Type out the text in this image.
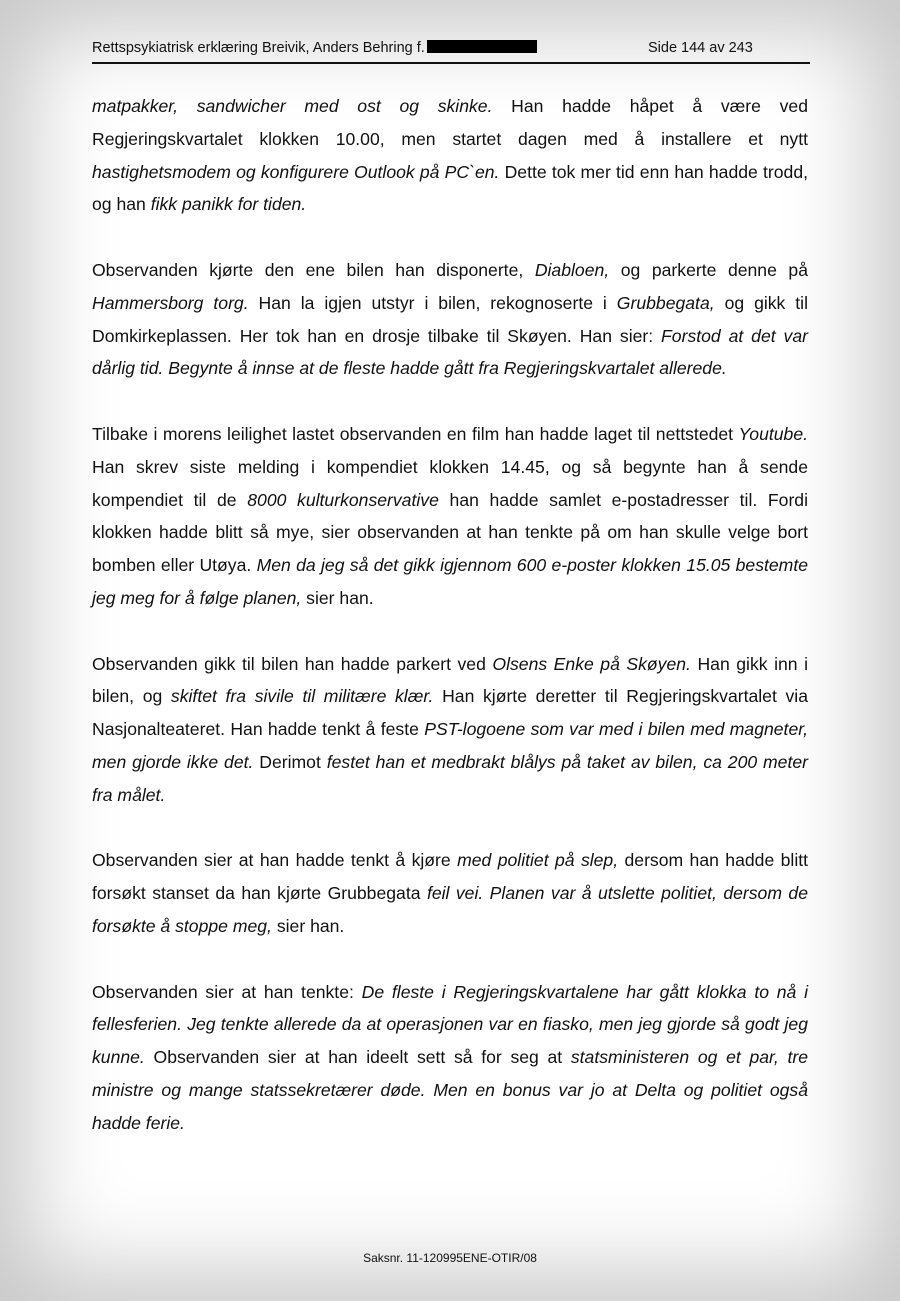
Rettspsykiatrisk erklæring Breivik, Anders Behring f.	Side 144 av 243

matpakker, sandwicher med ost og skinke. Han hadde håpet å være ved Regjeringskvartalet klokken 10.00, men startet dagen med å installere et nytt hastighetsmodem og konfigurere Outlook på PC`en. Dette tok mer tid enn han hadde trodd, og han fikk panikk for tiden.

Observanden kjørte den ene bilen han disponerte, Diabloen, og parkerte denne på Hammersborg torg. Han la igjen utstyr i bilen, rekognoserte i Grubbegata, og gikk til Domkirkeplassen. Her tok han en drosje tilbake til Skøyen. Han sier: Forstod at det var dårlig tid. Begynte å innse at de fleste hadde gått fra Regjeringskvartalet allerede.

Tilbake i morens leilighet lastet observanden en film han hadde laget til nettstedet Youtube. Han skrev siste melding i kompendiet klokken 14.45, og så begynte han å sende kompendiet til de 8000 kulturkonservative han hadde samlet e-postadresser til. Fordi klokken hadde blitt så mye, sier observanden at han tenkte på om han skulle velge bort bomben eller Utøya. Men da jeg så det gikk igjennom 600 e-poster klokken 15.05 bestemte jeg meg for å følge planen, sier han.

Observanden gikk til bilen han hadde parkert ved Olsens Enke på Skøyen. Han gikk inn i bilen, og skiftet fra sivile til militære klær. Han kjørte deretter til Regjeringskvartalet via Nasjonalteateret. Han hadde tenkt å feste PST-logoene som var med i bilen med magneter, men gjorde ikke det. Derimot festet han et medbrakt blålys på taket av bilen, ca 200 meter fra målet.

Observanden sier at han hadde tenkt å kjøre med politiet på slep, dersom han hadde blitt forsøkt stanset da han kjørte Grubbegata feil vei. Planen var å utslette politiet, dersom de forsøkte å stoppe meg, sier han.

Observanden sier at han tenkte: De fleste i Regjeringskvartalene har gått klokka to nå i fellesferien. Jeg tenkte allerede da at operasjonen var en fiasko, men jeg gjorde så godt jeg kunne. Observanden sier at han ideelt sett så for seg at statsministeren og et par, tre ministre og mange statssekretærer døde. Men en bonus var jo at Delta og politiet også hadde ferie.

Saksnr. 11-120995ENE-OTIR/08
